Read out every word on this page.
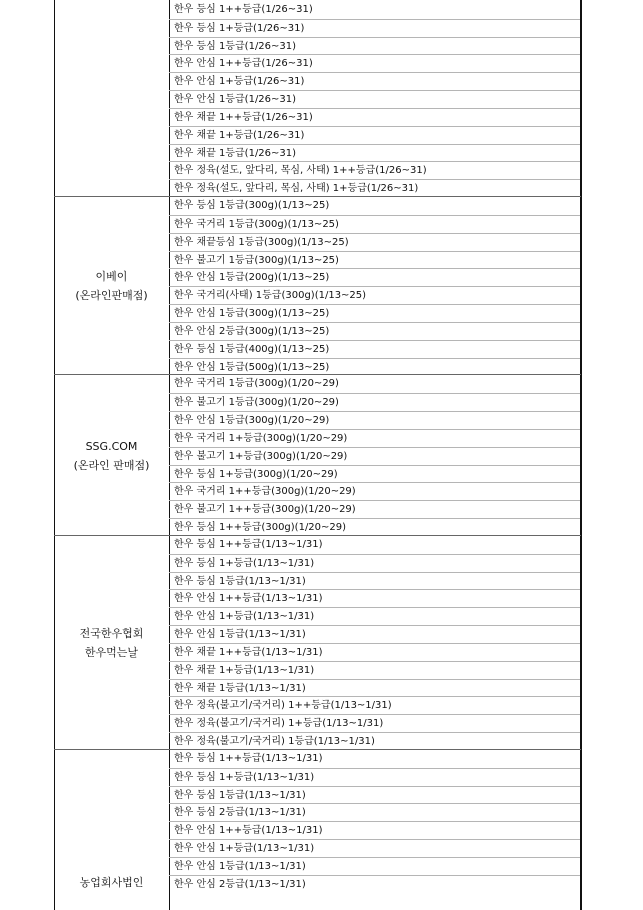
한우 등심 1++등급(1/26~31)
한우 등심 1+등급(1/26~31)
한우 등심 1등급(1/26~31)
한우 안심 1++등급(1/26~31)
한우 안심 1+등급(1/26~31)
한우 안심 1등급(1/26~31)
한우 채끝 1++등급(1/26~31)
한우 채끝 1+등급(1/26~31)
한우 채끝 1등급(1/26~31)
한우 정육(설도, 앞다리, 목심, 사태) 1++등급(1/26~31)
한우 정육(설도, 앞다리, 목심, 사태) 1+등급(1/26~31)
이베이
(온라인판매점)
한우 등심 1등급(300g)(1/13~25)
한우 국거리 1등급(300g)(1/13~25)
한우 채끝등심 1등급(300g)(1/13~25)
한우 불고기 1등급(300g)(1/13~25)
한우 안심 1등급(200g)(1/13~25)
한우 국거리(사태) 1등급(300g)(1/13~25)
한우 안심 1등급(300g)(1/13~25)
한우 안심 2등급(300g)(1/13~25)
한우 등심 1등급(400g)(1/13~25)
한우 안심 1등급(500g)(1/13~25)
SSG.COM
(온라인 판매점)
한우 국거리 1등급(300g)(1/20~29)
한우 불고기 1등급(300g)(1/20~29)
한우 안심 1등급(300g)(1/20~29)
한우 국거리 1+등급(300g)(1/20~29)
한우 불고기 1+등급(300g)(1/20~29)
한우 등심 1+등급(300g)(1/20~29)
한우 국거리 1++등급(300g)(1/20~29)
한우 불고기 1++등급(300g)(1/20~29)
한우 등심 1++등급(300g)(1/20~29)
전국한우협회
한우먹는날
한우 등심 1++등급(1/13~1/31)
한우 등심 1+등급(1/13~1/31)
한우 등심 1등급(1/13~1/31)
한우 안심 1++등급(1/13~1/31)
한우 안심 1+등급(1/13~1/31)
한우 안심 1등급(1/13~1/31)
한우 채끝 1++등급(1/13~1/31)
한우 채끝 1+등급(1/13~1/31)
한우 채끝 1등급(1/13~1/31)
한우 정육(불고기/국거리) 1++등급(1/13~1/31)
한우 정육(불고기/국거리) 1+등급(1/13~1/31)
한우 정육(불고기/국거리) 1등급(1/13~1/31)
농업회사법인
한우 등심 1++등급(1/13~1/31)
한우 등심 1+등급(1/13~1/31)
한우 등심 1등급(1/13~1/31)
한우 등심 2등급(1/13~1/31)
한우 안심 1++등급(1/13~1/31)
한우 안심 1+등급(1/13~1/31)
한우 안심 1등급(1/13~1/31)
한우 안심 2등급(1/13~1/31)
